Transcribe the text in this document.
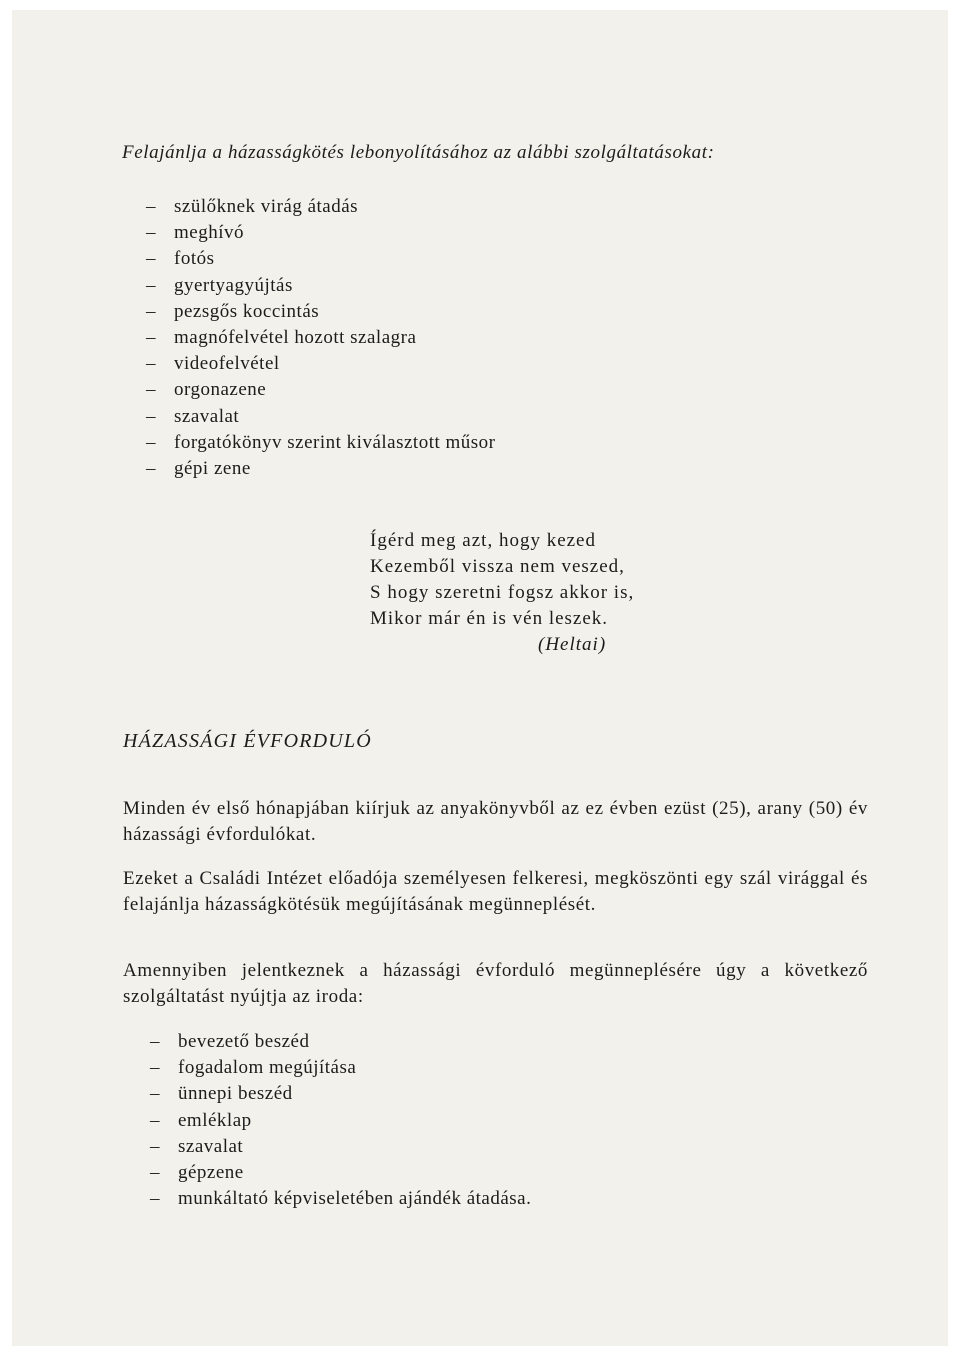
Felajánlja a házasságkötés lebonyolításához az alábbi szolgáltatásokat:
– szülőknek virág átadás
– meghívó
– fotós
– gyertyagyújtás
– pezsgős koccintás
– magnófelvétel hozott szalagra
– videofelvétel
– orgonazene
– szavalat
– forgatókönyv szerint kiválasztott műsor
– gépi zene
Ígérd meg azt, hogy kezed
Kezemből vissza nem veszed,
S hogy szeretni fogsz akkor is,
Mikor már én is vén leszek.
(Heltai)
HÁZASSÁGI ÉVFORDULÓ

Minden év első hónapjában kiírjuk az anyakönyvből az ez évben ezüst (25), arany (50) év házassági évfordulókat.

Ezeket a Családi Intézet előadója személyesen felkeresi, megköszönti egy szál virággal és felajánlja házasságkötésük megújításának megünneplését.

Amennyiben jelentkeznek a házassági évforduló megünneplésére úgy a következő szolgáltatást nyújtja az iroda:

– bevezető beszéd
– fogadalom megújítása
– ünnepi beszéd
– emléklap
– szavalat
– gépzene
– munkáltató képviseletében ajándék átadása.
